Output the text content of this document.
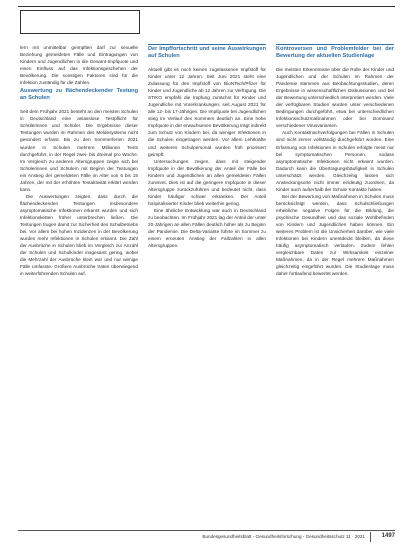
lern mit unmittelbar geimpften darf zur sexuelle Beziehung gemeldeten Fälle und Eintragungen von Kindern und Jugendlichen in die Gesamt-Impfquote und einen Einfluss auf das Infektionsgeschehen der Bevölkerung. Die sonstigen Faktoren sind für die Infektion zuständig für die Zahlen.

Auswertung zu flächendeckender Testung an Schulen

Seit dem Frühjahr 2021 besteht an den meisten Schulen in Deutschland eine anlasslose Testpflicht für Schülerinnen und Schüler. Die Ergebnisse dieser Testungen wurden im Rahmen des Meldesystems nicht gesondert erfasst. Bis zu den Sommerferien 2021 wurden in Schulen mehrere Millionen Tests durchgeführt, in der Regel zwei- bis dreimal pro Woche. Im Vergleich zu anderen Altersgruppen zeigte sich bei Schülerinnen und Schülern mit Beginn der Testungen ein Anstieg der gemeldeten Fälle im Alter von 6 bis 15 Jahren, der mit der erhöhten Testaktivität erklärt werden kann.

Die Auswertungen zeigten, dass durch die flächendeckenden Testungen insbesondere asymptomatische Infektionen erkannt wurden und sich Infektionsketten früher unterbrechen ließen. Die Testungen trugen damit zur Sicherheit des Schulbetriebs bei. Vor allem bei hohen Inzidenzen in der Bevölkerung wurden mehr Infektionen in Schulen erkannt. Die Zahl der Ausbrüche in Schulen blieb im Vergleich zur Anzahl der Schulen und Schulkinder insgesamt gering, wobei die Mehrzahl der Ausbrüche klein war und nur wenige Fälle umfasste. Größere Ausbrüche traten überwiegend in weiterführenden Schulen auf.

Der Impffortschritt und seine Auswirkungen auf Schulen

Aktuell gibt es noch keinen zugelassenen Impfstoff für Kinder unter 12 Jahren. Seit Juni 2021 steht eine Zulassung für den Impfstoff von BioNTech/Pfizer für Kinder und Jugendliche ab 12 Jahren zur Verfügung. Die STIKO empfahl die Impfung zunächst für Kinder und Jugendliche mit Vorerkrankungen, seit August 2021 für alle 12- bis 17-Jährigen. Die Impfquote bei Jugendlichen stieg im Verlauf des Sommers deutlich an. Eine hohe Impfquote in der erwachsenen Bevölkerung trägt indirekt zum Schutz von Kindern bei, da weniger Infektionen in die Schulen eingetragen werden. Vor allem Lehrkräfte und weiteres Schulpersonal wurden früh priorisiert geimpft.

Untersuchungen zeigen, dass mit steigender Impfquote in der Bevölkerung der Anteil der Fälle bei Kindern und Jugendlichen an allen gemeldeten Fällen zunimmt. Dies ist auf die geringere Impfquote in dieser Altersgruppe zurückzuführen und bedeutet nicht, dass Kinder häufiger schwer erkranken. Der Anteil hospitalisierter Kinder blieb weiterhin gering.

Eine ähnliche Entwicklung war auch in Deutschland zu beobachten. Im Frühjahr 2021 lag der Anteil der unter 20-Jährigen an allen Fällen deutlich höher als zu Beginn der Pandemie. Die Delta-Variante führte im Sommer zu einem erneuten Anstieg der Fallzahlen in allen Altersgruppen.

Kontroversen und Problemfelder bei der Bewertung der aktuellen Studienlage

Die meisten Erkenntnisse über die Rolle der Kinder und Jugendlichen und der Schulen im Rahmen der Pandemie stammen aus Beobachtungsstudien, deren Ergebnisse in wissenschaftlichen Diskussionen und bei der Bewertung unterschiedlich interpretiert werden. Viele der verfügbaren Studien wurden unter verschiedenen Bedingungen durchgeführt, etwa bei unterschiedlichen Infektionsschutzmaßnahmen oder bei Dominanz verschiedener Virusvarianten.

Auch Kontaktnachverfolgungen bei Fällen in Schulen sind nicht immer vollständig durchgeführt worden. Eine Erfassung von Infektionen in Schulen erfolgte meist nur bei symptomatischen Personen, sodass asymptomatische Infektionen nicht erkannt wurden. Dadurch kann die Übertragungshäufigkeit in Schulen unterschätzt werden. Gleichzeitig lassen sich Ansteckungsorte nicht immer eindeutig zuordnen, da Kinder auch außerhalb der Schule Kontakte haben.

Bei der Bewertung von Maßnahmen in Schulen muss berücksichtigt werden, dass Schulschließungen erhebliche negative Folgen für die Bildung, die psychische Gesundheit und das soziale Wohlbefinden von Kindern und Jugendlichen haben können. Ein weiteres Problem ist die Unsicherheit darüber, wie viele Infektionen bei Kindern unentdeckt bleiben, da diese häufig asymptomatisch verlaufen. Zudem fehlen vergleichbare Daten zur Wirksamkeit einzelner Maßnahmen, da in der Regel mehrere Maßnahmen gleichzeitig eingeführt wurden. Die Studienlage muss daher fortlaufend bewertet werden.

Bundesgesundheitsblatt - Gesundheitsforschung - Gesundheitsschutz 11 · 2021	1497
